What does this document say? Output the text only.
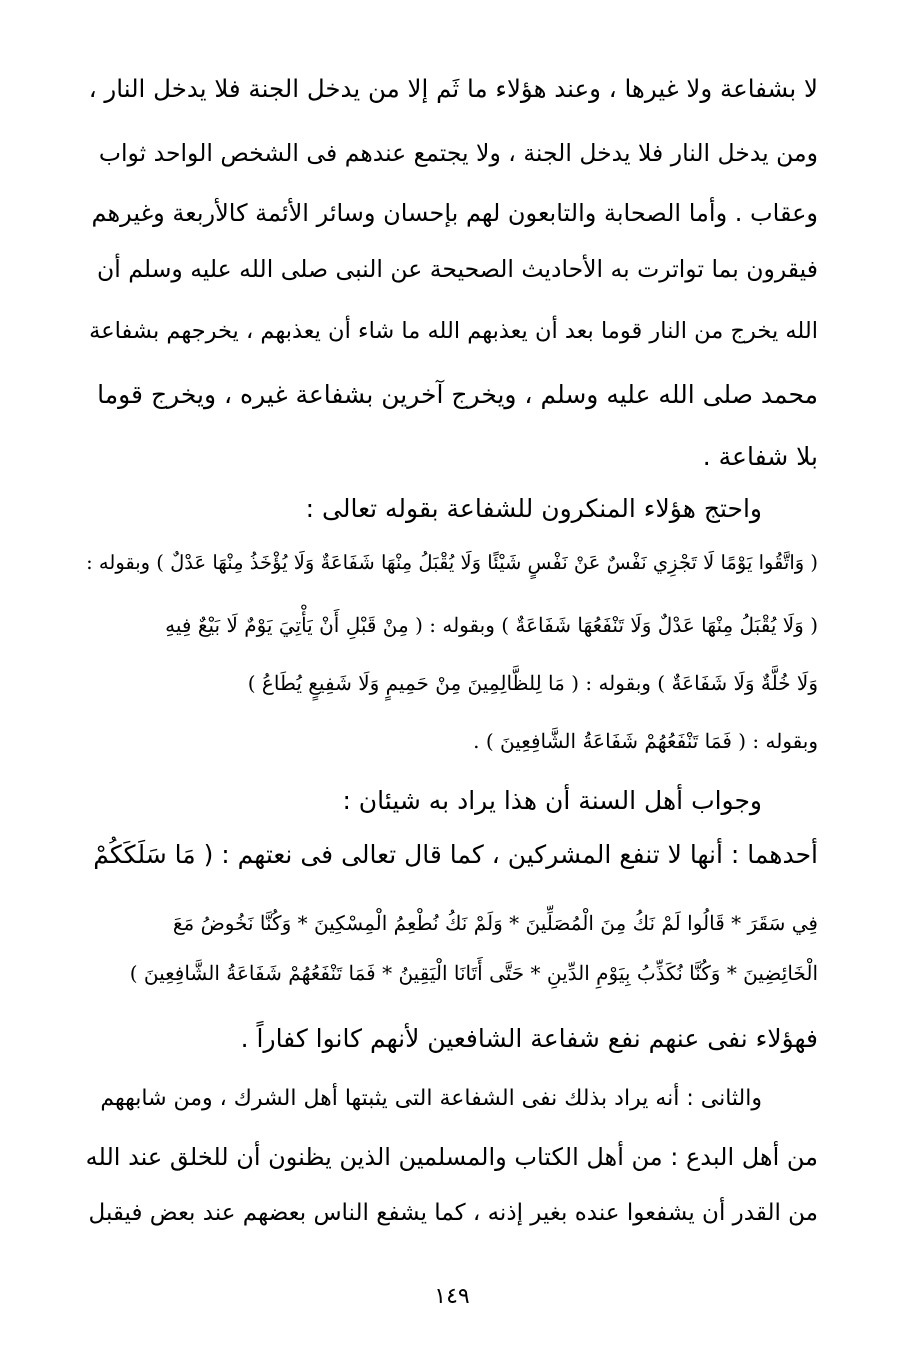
لا بشفاعة ولا غيرها ، وعند هؤلاء ما ثَم إلا من يدخل الجنة فلا يدخل النار ،
ومن يدخل النار فلا يدخل الجنة ، ولا يجتمع عندهم فى الشخص الواحد ثواب
وعقاب . وأما الصحابة والتابعون لهم بإحسان وسائر الأئمة كالأربعة وغيرهم
فيقرون بما تواترت به الأحاديث الصحيحة عن النبى صلى الله عليه وسلم أن
الله يخرج من النار قوما بعد أن يعذبهم الله ما شاء أن يعذبهم ، يخرجهم بشفاعة
محمد صلى الله عليه وسلم ، ويخرج آخرين بشفاعة غيره ، ويخرج قوما
بلا شفاعة .
واحتج هؤلاء المنكرون للشفاعة بقوله تعالى :
( وَاتَّقُوا يَوْمًا لَا تَجْزِي نَفْسٌ عَنْ نَفْسٍ شَيْئًا وَلَا يُقْبَلُ مِنْهَا شَفَاعَةٌ وَلَا يُؤْخَذُ مِنْهَا عَدْلٌ ) وبقوله :
( وَلَا يُقْبَلُ مِنْهَا عَدْلٌ وَلَا تَنْفَعُهَا شَفَاعَةٌ ) وبقوله : ( مِنْ قَبْلِ أَنْ يَأْتِيَ يَوْمٌ لَا بَيْعٌ فِيهِ
وَلَا خُلَّةٌ وَلَا شَفَاعَةٌ ) وبقوله : ( مَا لِلظَّالِمِينَ مِنْ حَمِيمٍ وَلَا شَفِيعٍ يُطَاعُ )
وبقوله : ( فَمَا تَنْفَعُهُمْ شَفَاعَةُ الشَّافِعِينَ ) .
وجواب أهل السنة أن هذا يراد به شيئان :
أحدهما : أنها لا تنفع المشركين ، كما قال تعالى فى نعتهم : ( مَا سَلَكَكُمْ
فِي سَقَرَ * قَالُوا لَمْ نَكُ مِنَ الْمُصَلِّينَ * وَلَمْ نَكُ نُطْعِمُ الْمِسْكِينَ * وَكُنَّا نَخُوضُ مَعَ
الْخَائِضِينَ * وَكُنَّا نُكَذِّبُ بِيَوْمِ الدِّينِ * حَتَّى أَتَانَا الْيَقِينُ * فَمَا تَنْفَعُهُمْ شَفَاعَةُ الشَّافِعِينَ )
فهؤلاء نفى عنهم نفع شفاعة الشافعين لأنهم كانوا كفاراً .
والثانى : أنه يراد بذلك نفى الشفاعة التى يثبتها أهل الشرك ، ومن شابههم
من أهل البدع : من أهل الكتاب والمسلمين الذين يظنون أن للخلق عند الله
من القدر أن يشفعوا عنده بغير إذنه ، كما يشفع الناس بعضهم عند بعض فيقبل
١٤٩
